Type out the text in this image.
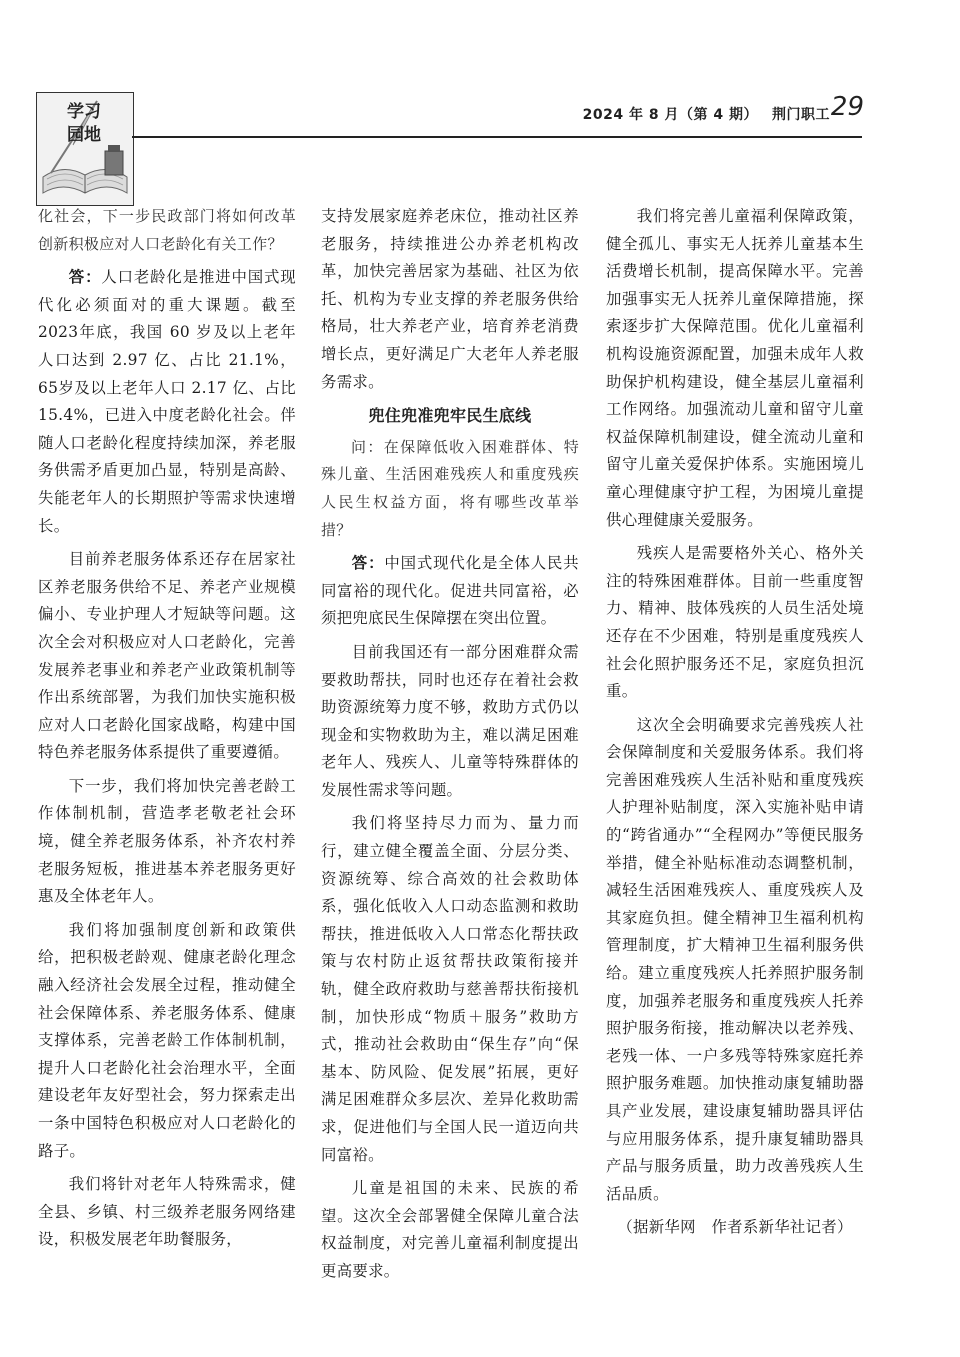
学习
园地
2024 年 8 月（第 4 期） 荆门职工 29

化社会，下一步民政部门将如何改革创新积极应对人口老龄化有关工作？

答：人口老龄化是推进中国式现代化必须面对的重大课题。截至2023年底，我国 60 岁及以上老年人口达到 2.97 亿、占比 21.1%，65岁及以上老年人口 2.17 亿、占比15.4%，已进入中度老龄化社会。伴随人口老龄化程度持续加深，养老服务供需矛盾更加凸显，特别是高龄、失能老年人的长期照护等需求快速增长。

目前养老服务体系还存在居家社区养老服务供给不足、养老产业规模偏小、专业护理人才短缺等问题。这次全会对积极应对人口老龄化，完善发展养老事业和养老产业政策机制等作出系统部署，为我们加快实施积极应对人口老龄化国家战略，构建中国特色养老服务体系提供了重要遵循。

下一步，我们将加快完善老龄工作体制机制，营造孝老敬老社会环境，健全养老服务体系，补齐农村养老服务短板，推进基本养老服务更好惠及全体老年人。

我们将加强制度创新和政策供给，把积极老龄观、健康老龄化理念融入经济社会发展全过程，推动健全社会保障体系、养老服务体系、健康支撑体系，完善老龄工作体制机制，提升人口老龄化社会治理水平，全面建设老年友好型社会，努力探索走出一条中国特色积极应对人口老龄化的路子。

我们将针对老年人特殊需求，健全县、乡镇、村三级养老服务网络建设，积极发展老年助餐服务，

支持发展家庭养老床位，推动社区养老服务，持续推进公办养老机构改革，加快完善居家为基础、社区为依托、机构为专业支撑的养老服务供给格局，壮大养老产业，培育养老消费增长点，更好满足广大老年人养老服务需求。

兜住兜准兜牢民生底线

问：在保障低收入困难群体、特殊儿童、生活困难残疾人和重度残疾人民生权益方面，将有哪些改革举措？

答：中国式现代化是全体人民共同富裕的现代化。促进共同富裕，必须把兜底民生保障摆在突出位置。

目前我国还有一部分困难群众需要救助帮扶，同时也还存在着社会救助资源统筹力度不够，救助方式仍以现金和实物救助为主，难以满足困难老年人、残疾人、儿童等特殊群体的发展性需求等问题。

我们将坚持尽力而为、量力而行，建立健全覆盖全面、分层分类、资源统筹、综合高效的社会救助体系，强化低收入人口动态监测和救助帮扶，推进低收入人口常态化帮扶政策与农村防止返贫帮扶政策衔接并轨，健全政府救助与慈善帮扶衔接机制，加快形成“物质＋服务”救助方式，推动社会救助由“保生存”向“保基本、防风险、促发展”拓展，更好满足困难群众多层次、差异化救助需求，促进他们与全国人民一道迈向共同富裕。

儿童是祖国的未来、民族的希望。这次全会部署健全保障儿童合法权益制度，对完善儿童福利制度提出更高要求。

我们将完善儿童福利保障政策，健全孤儿、事实无人抚养儿童基本生活费增长机制，提高保障水平。完善加强事实无人抚养儿童保障措施，探索逐步扩大保障范围。优化儿童福利机构设施资源配置，加强未成年人救助保护机构建设，健全基层儿童福利工作网络。加强流动儿童和留守儿童权益保障机制建设，健全流动儿童和留守儿童关爱保护体系。实施困境儿童心理健康守护工程，为困境儿童提供心理健康关爱服务。

残疾人是需要格外关心、格外关注的特殊困难群体。目前一些重度智力、精神、肢体残疾的人员生活处境还存在不少困难，特别是重度残疾人社会化照护服务还不足，家庭负担沉重。

这次全会明确要求完善残疾人社会保障制度和关爱服务体系。我们将完善困难残疾人生活补贴和重度残疾人护理补贴制度，深入实施补贴申请的“跨省通办”“全程网办”等便民服务举措，健全补贴标准动态调整机制，减轻生活困难残疾人、重度残疾人及其家庭负担。健全精神卫生福利机构管理制度，扩大精神卫生福利服务供给。建立重度残疾人托养照护服务制度，加强养老服务和重度残疾人托养照护服务衔接，推动解决以老养残、老残一体、一户多残等特殊家庭托养照护服务难题。加快推动康复辅助器具产业发展，建设康复辅助器具评估与应用服务体系，提升康复辅助器具产品与服务质量，助力改善残疾人生活品质。

（据新华网　作者系新华社记者）
